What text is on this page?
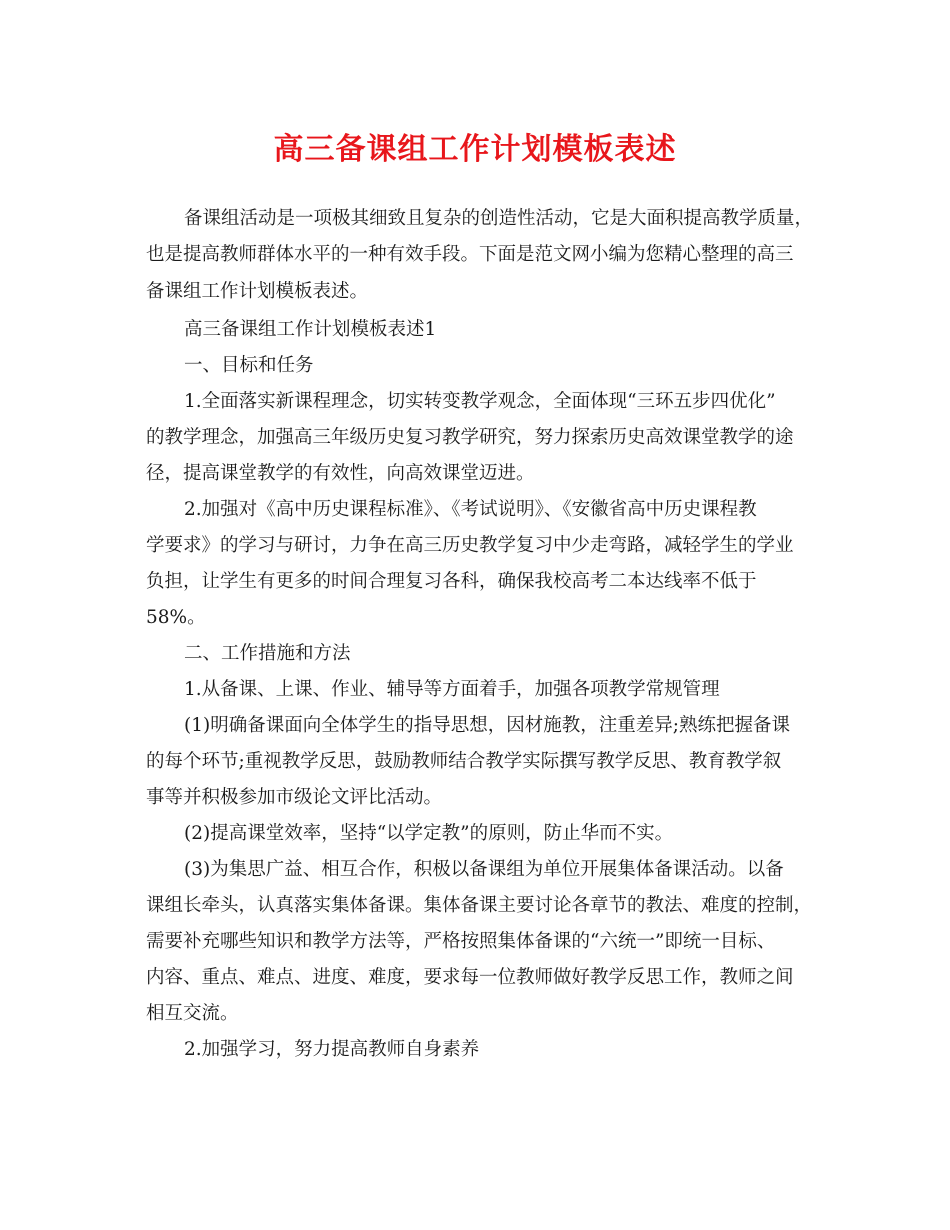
高三备课组工作计划模板表述

备课组活动是一项极其细致且复杂的创造性活动，它是大面积提高教学质量，

也是提高教师群体水平的一种有效手段。下面是范文网小编为您精心整理的高三

备课组工作计划模板表述。

高三备课组工作计划模板表述1

一、目标和任务

1.全面落实新课程理念，切实转变教学观念，全面体现“三环五步四优化”

的教学理念，加强高三年级历史复习教学研究，努力探索历史高效课堂教学的途

径，提高课堂教学的有效性，向高效课堂迈进。

2.加强对《高中历史课程标准》、《考试说明》、《安徽省高中历史课程教

学要求》的学习与研讨，力争在高三历史教学复习中少走弯路，减轻学生的学业

负担，让学生有更多的时间合理复习各科，确保我校高考二本达线率不低于

58%。

二、工作措施和方法

1.从备课、上课、作业、辅导等方面着手，加强各项教学常规管理

(1)明确备课面向全体学生的指导思想，因材施教，注重差异;熟练把握备课

的每个环节;重视教学反思，鼓励教师结合教学实际撰写教学反思、教育教学叙

事等并积极参加市级论文评比活动。

(2)提高课堂效率，坚持“以学定教”的原则，防止华而不实。

(3)为集思广益、相互合作，积极以备课组为单位开展集体备课活动。以备

课组长牵头，认真落实集体备课。集体备课主要讨论各章节的教法、难度的控制，

需要补充哪些知识和教学方法等，严格按照集体备课的“六统一”即统一目标、

内容、重点、难点、进度、难度，要求每一位教师做好教学反思工作，教师之间

相互交流。

2.加强学习，努力提高教师自身素养
